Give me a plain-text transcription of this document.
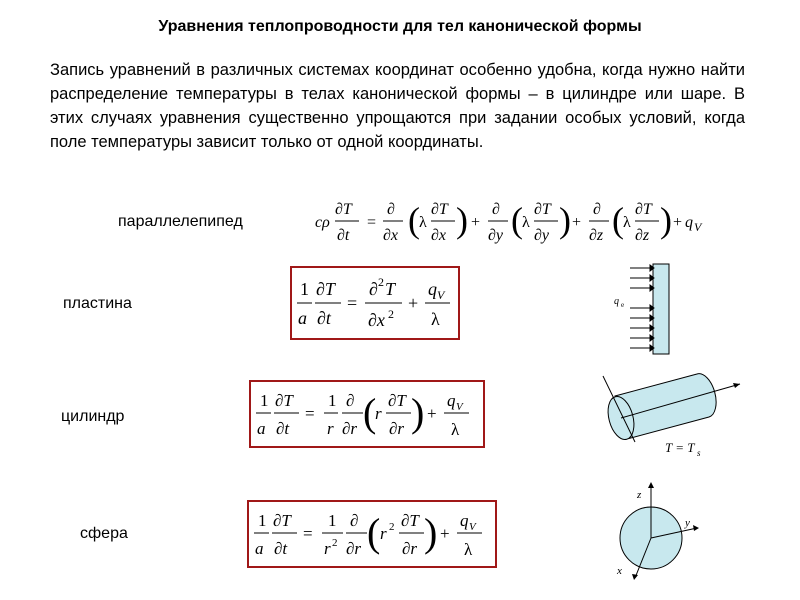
Уравнения теплопроводности для тел канонической формы

Запись уравнений в различных системах координат особенно удобна, когда нужно найти распределение температуры в телах канонической формы – в цилиндре или шаре. В этих случаях уравнения существенно упрощаются при задании особых условий, когда поле температуры зависит только от одной координаты.

параллелепипед	cρ
∂T
∂t
=
∂
∂x ( λ
∂T
∂x ) +
∂
∂y ( λ
∂T
∂y ) +
∂
∂z ( λ
∂T
∂z ) + q V
пластина
1
a
∂T
∂t
=
∂ 2 T
∂x 2
+
q V
λ
q e
цилиндр
1
a
∂T
∂t
=
1
r
∂
∂r (
r
∂T
∂r ) +
q V
λ
T = T s
сфера
1
a
∂T
∂t
=
1
r 2
∂
∂r ( r 2 ∂T
∂r ) +
q V
λ
z
y
x
